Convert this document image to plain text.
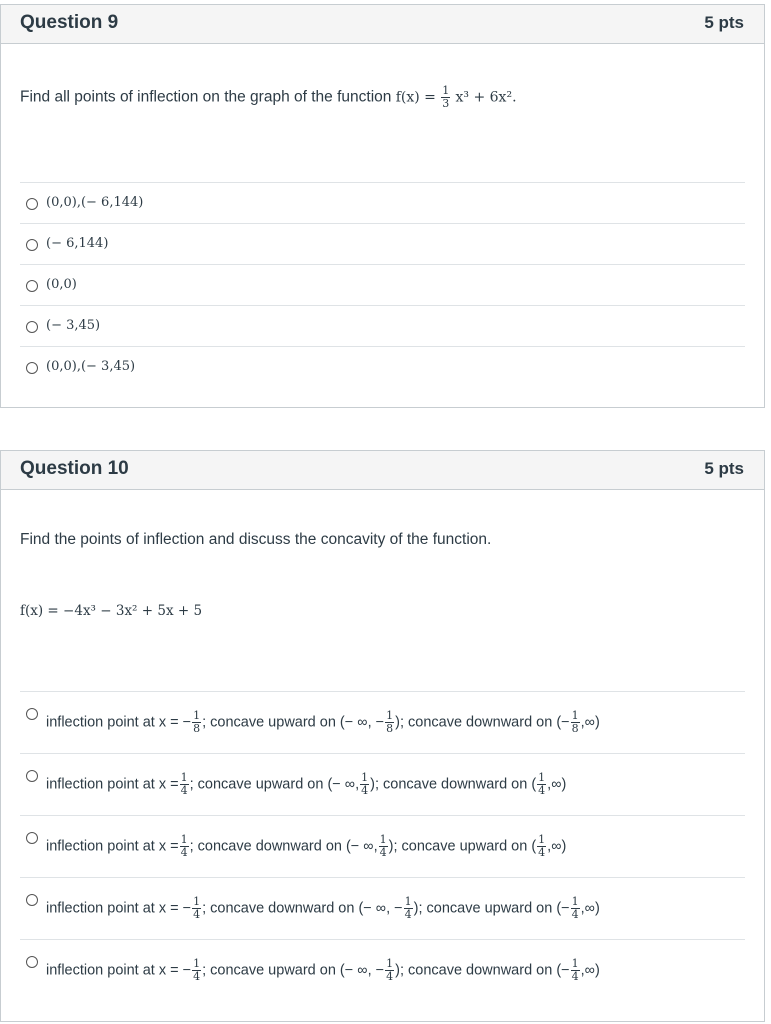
Question 9	5 pts
Find all points of inflection on the graph of the function $f(x) = \frac{1}{3} x^3 + 6x^2$.
(0,0),(− 6,144)
(− 6,144)
(0,0)
(− 3,45)
(0,0),(− 3,45)
Question 10	5 pts
Find the points of inflection and discuss the concavity of the function.
f(x) = −4x³ − 3x² + 5x + 5
inflection point at x = − $\frac{1}{8}$ ; concave upward on (− ∞, − $\frac{1}{8}$ ); concave downward on (− $\frac{1}{8}$ ,∞)
inflection point at $x = \frac{1}{4}$ ; concave upward on (− ∞, $\frac{1}{4}$ ); concave downward on ( $\frac{1}{4}$ ,∞)
inflection point at $x = \frac{1}{4}$ ; concave downward on (− ∞, $\frac{1}{4}$ ); concave upward on ( $\frac{1}{4}$ ,∞)
inflection point at x = − $\frac{1}{4}$ ; concave downward on (− ∞, − $\frac{1}{4}$ ); concave upward on (− $\frac{1}{4}$ ,∞)
inflection point at x = − $\frac{1}{4}$ ; concave upward on (− ∞, − $\frac{1}{4}$ ); concave downward on (− $\frac{1}{4}$ ,∞)
